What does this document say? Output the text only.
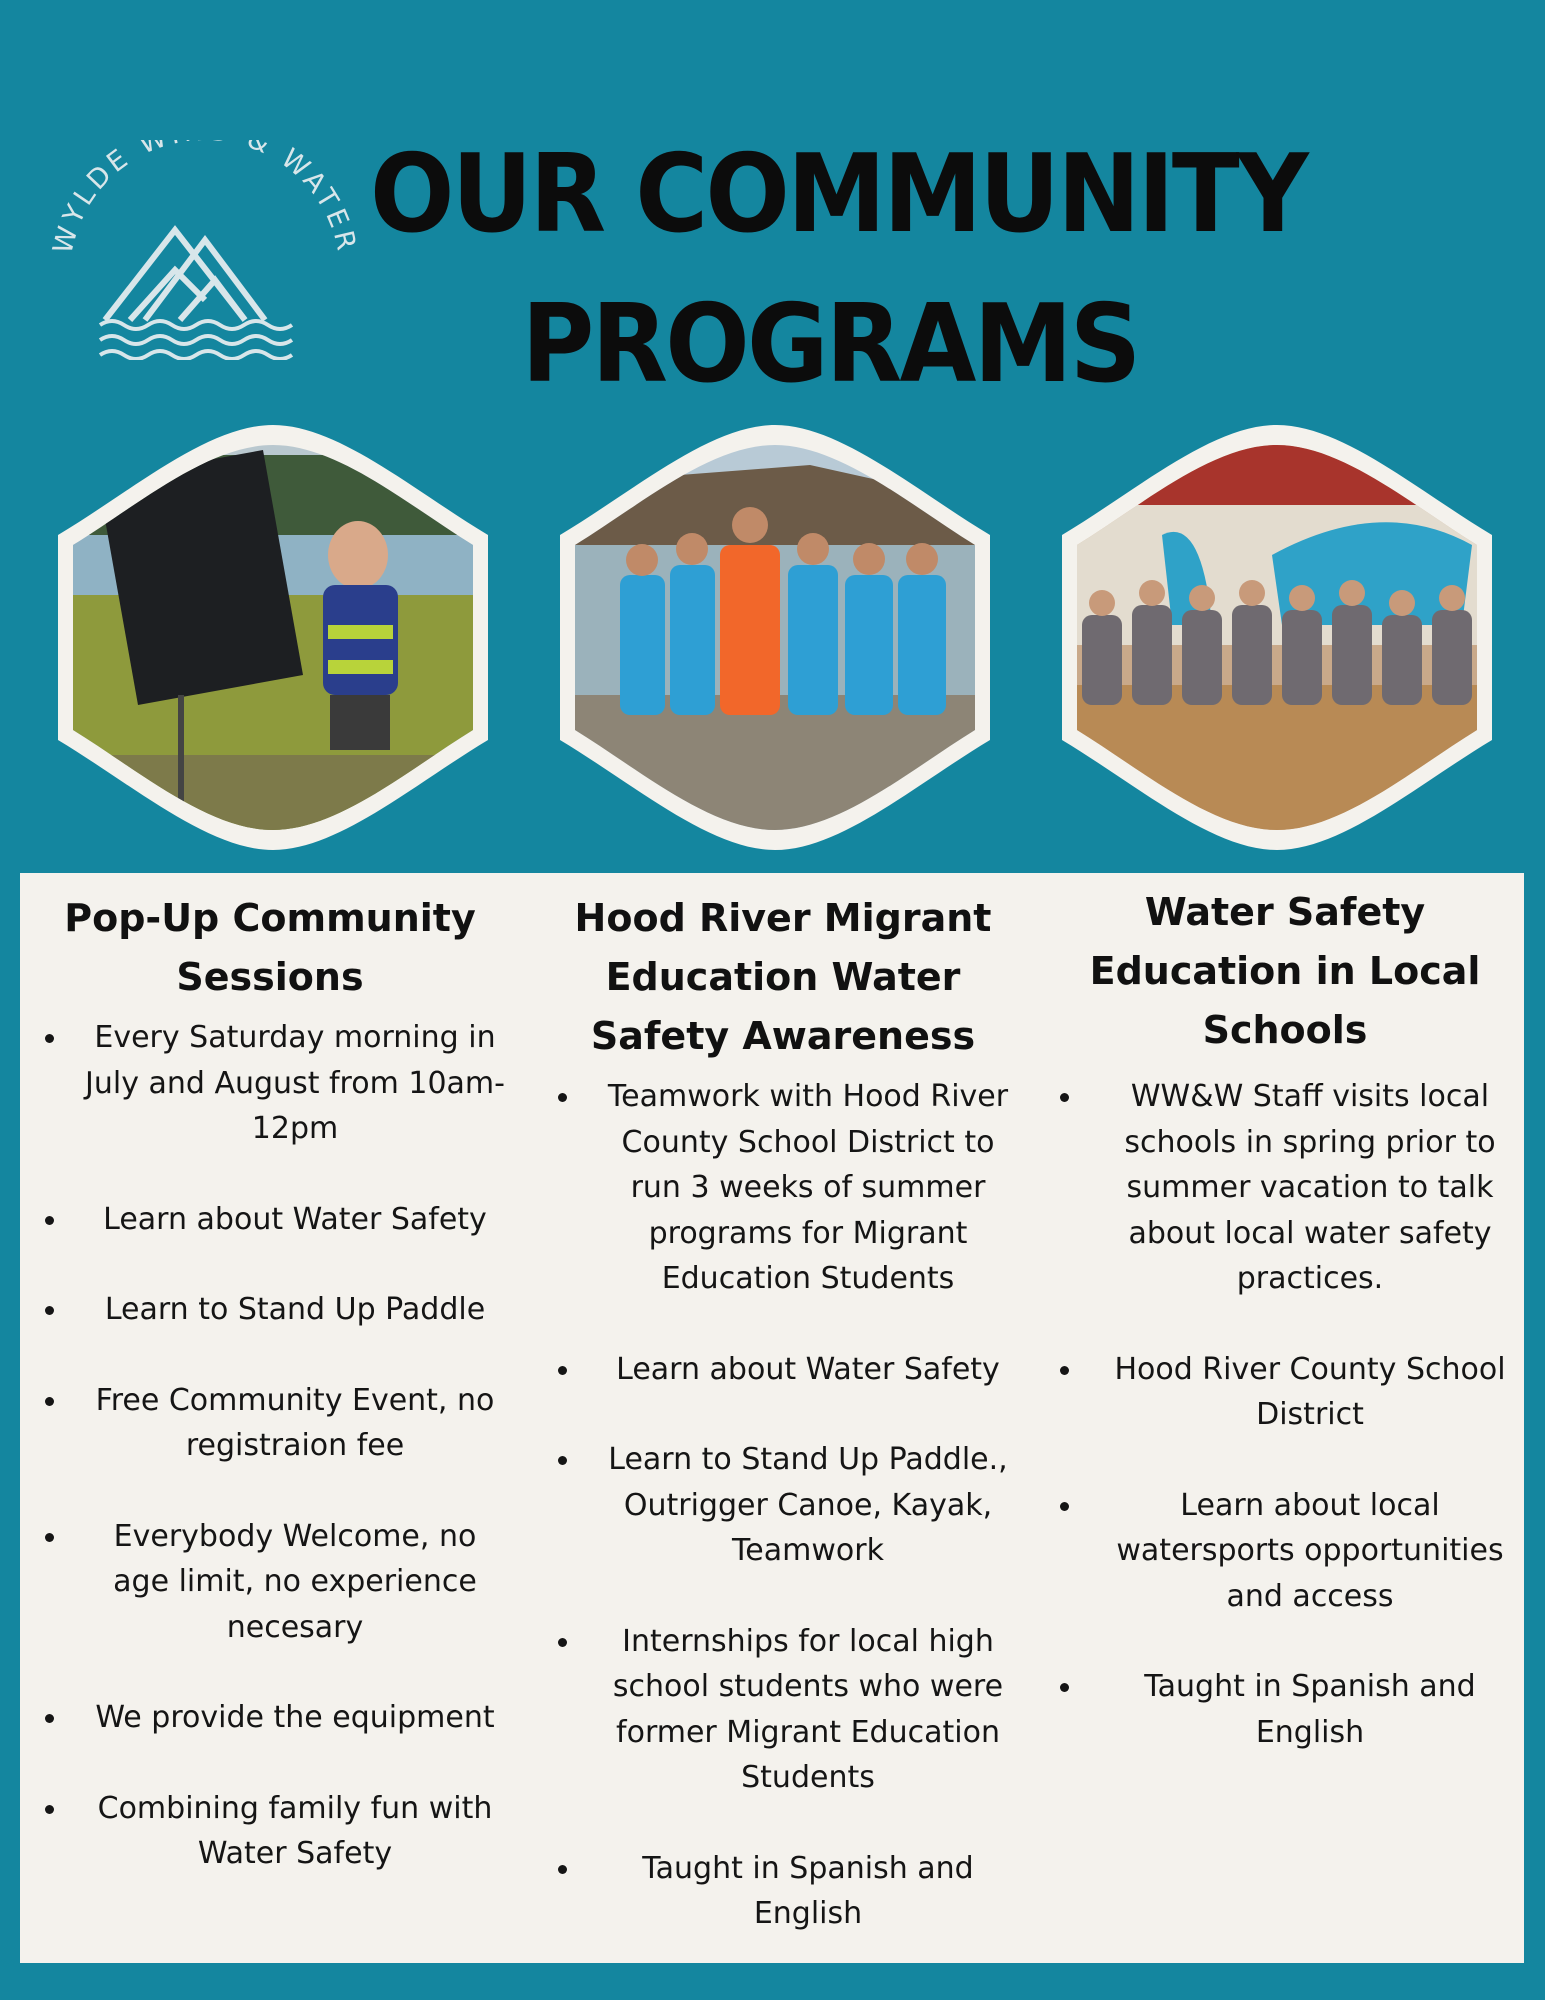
WYLDE W & WATER OUR COMMUNITY
PROGRAMS
Pop-Up Community Sessions
Every Saturday morning in July and August from 10am-12pm
Learn about Water Safety
Learn to Stand Up Paddle
Free Community Event, no registraion fee
Everybody Welcome, no age limit, no experience necesary
We provide the equipment
Combining family fun with Water Safety
Hood River Migrant Education Water Safety Awareness
Teamwork with Hood River County School District to run 3 weeks of summer programs for Migrant Education Students
Learn about Water Safety
Learn to Stand Up Paddle., Outrigger Canoe, Kayak, Teamwork
Internships for local high school students who were former Migrant Education Students
Taught in Spanish and English
Water Safety Education in Local Schools
WW&W Staff visits local schools in spring prior to summer vacation to talk about local water safety practices.
Hood River County School District
Learn about local watersports opportunities and access
Taught in Spanish and English
